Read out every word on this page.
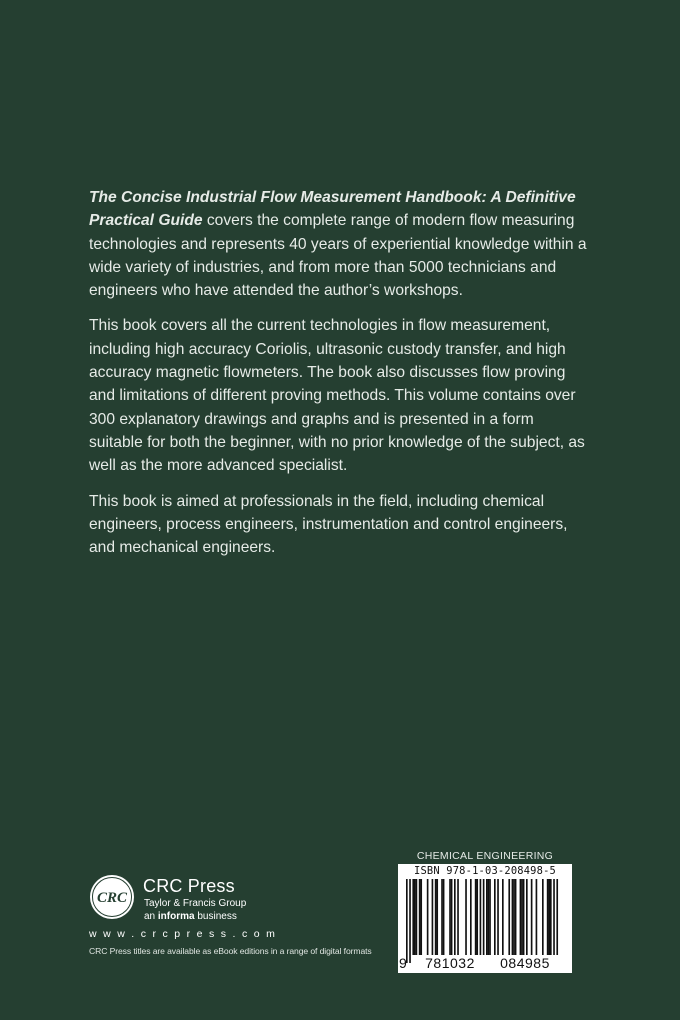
The Concise Industrial Flow Measurement Handbook: A Definitive Practical Guide covers the complete range of modern flow measuring technologies and represents 40 years of experiential knowledge within a wide variety of industries, and from more than 5000 technicians and engineers who have attended the author’s workshops.

This book covers all the current technologies in flow measurement, including high accuracy Coriolis, ultrasonic custody transfer, and high accuracy magnetic flowmeters. The book also discusses flow proving and limitations of different proving methods. This volume contains over 300 explanatory drawings and graphs and is presented in a form suitable for both the beginner, with no prior knowledge of the subject, as well as the more advanced specialist.

This book is aimed at professionals in the field, including chemical engineers, process engineers, instrumentation and control engineers, and mechanical engineers.

CRC
CRC Press
Taylor & Francis Group
an informa business
w w w . c r c p r e s s . c o m
CRC Press titles are available as eBook editions in a range of digital formats
CHEMICAL ENGINEERING
ISBN 978-1-03-208498-5
9	781032	084985
